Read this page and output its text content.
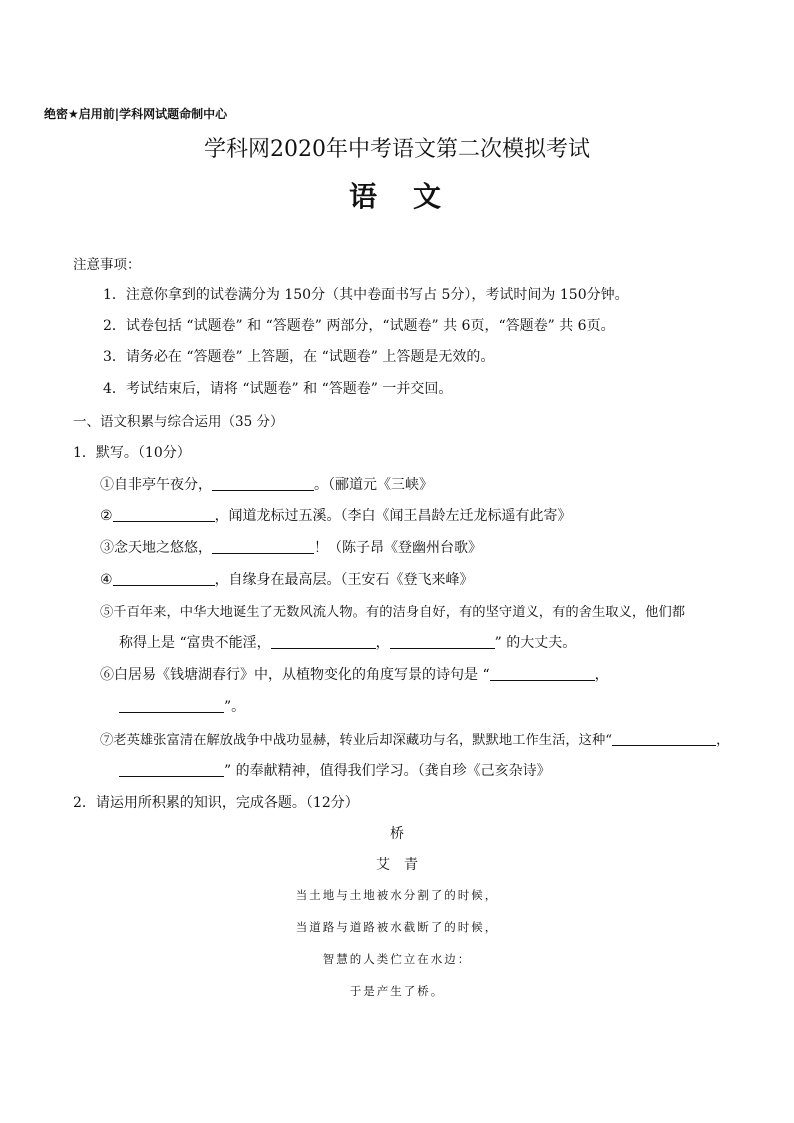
绝密★启用前|学科网试题命制中心
学科网2020年中考语文第二次模拟考试
语　文
注意事项：
1．注意你拿到的试卷满分为 150分（其中卷面书写占 5分），考试时间为 150分钟。
2．试卷包括 “试题卷” 和 “答题卷” 两部分，“试题卷” 共 6页，“答题卷” 共 6页。
3．请务必在 “答题卷” 上答题，在 “试题卷” 上答题是无效的。
4．考试结束后，请将 “试题卷” 和 “答题卷” 一并交回。
一、语文积累与综合运用（35 分）
1．默写。（10分）
①自非亭午夜分，	。（郦道元《三峡》
②	，闻道龙标过五溪。（李白《闻王昌龄左迁龙标遥有此寄》
③念天地之悠悠，	！（陈子昂《登幽州台歌》
④	，自缘身在最高层。（王安石《登飞来峰》
⑤千百年来，中华大地诞生了无数风流人物。有的洁身自好，有的坚守道义，有的舍生取义，他们都
称得上是 “富贵不能淫，	，	” 的大丈夫。
⑥白居易《钱塘湖春行》中，从植物变化的角度写景的诗句是 “	，
”。
⑦老英雄张富清在解放战争中战功显赫，转业后却深藏功与名，默默地工作生活，这种“	，
” 的奉献精神，值得我们学习。（龚自珍《己亥杂诗》
2．请运用所积累的知识，完成各题。（12分）
桥
艾　青
当土地与土地被水分割了的时候，
当道路与道路被水截断了的时候，
智慧的人类伫立在水边：
于是产生了桥。
